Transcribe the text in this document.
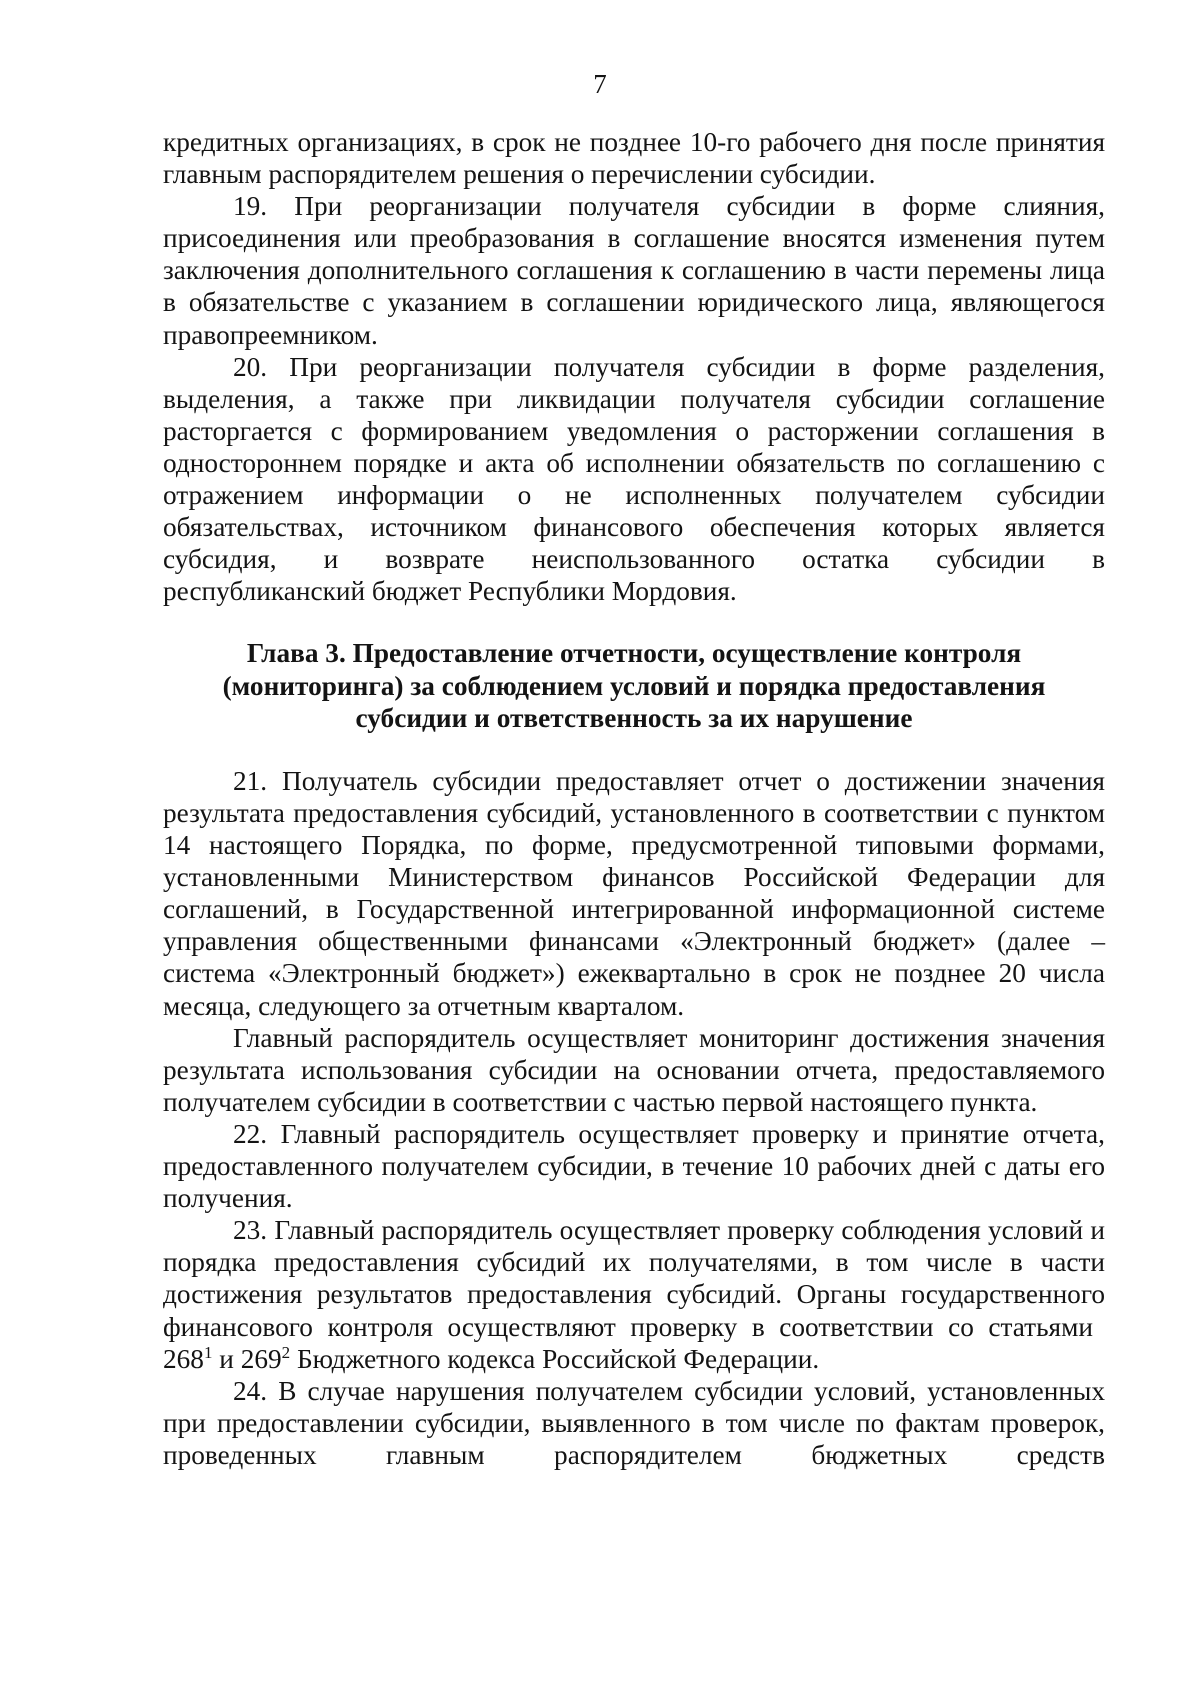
7

кредитных организациях, в срок не позднее 10-го рабочего дня после принятия главным распорядителем решения о перечислении субсидии.

19. При реорганизации получателя субсидии в форме слияния, присоединения или преобразования в соглашение вносятся изменения путем заключения дополнительного соглашения к соглашению в части перемены лица в обязательстве с указанием в соглашении юридического лица, являющегося правопреемником.

20. При реорганизации получателя субсидии в форме разделения, выделения, а также при ликвидации получателя субсидии соглашение расторгается с формированием уведомления о расторжении соглашения в одностороннем порядке и акта об исполнении обязательств по соглашению с отражением информации о не исполненных получателем субсидии обязательствах, источником финансового обеспечения которых является субсидия, и возврате неиспользованного остатка субсидии в

республиканский бюджет Республики Мордовия.

Глава 3. Предоставление отчетности, осуществление контроля
(мониторинга) за соблюдением условий и порядка предоставления
субсидии и ответственность за их нарушение

21. Получатель субсидии предоставляет отчет о достижении значения результата предоставления субсидий, установленного в соответствии с пунктом 14 настоящего Порядка, по форме, предусмотренной типовыми формами, установленными Министерством финансов Российской Федерации для соглашений, в Государственной интегрированной информационной системе управления общественными финансами «Электронный бюджет» (далее – система «Электронный бюджет») ежеквартально в срок не позднее 20 числа месяца, следующего за отчетным кварталом.

Главный распорядитель осуществляет мониторинг достижения значения результата использования субсидии на основании отчета, предоставляемого получателем субсидии в соответствии с частью первой настоящего пункта.

22. Главный распорядитель осуществляет проверку и принятие отчета, предоставленного получателем субсидии, в течение 10 рабочих дней с даты его получения.

23. Главный распорядитель осуществляет проверку соблюдения условий и порядка предоставления субсидий их получателями, в том числе в части достижения результатов предоставления субсидий. Органы государственного финансового контроля осуществляют проверку в соответствии со статьями $268^1$ и $269^2$ Бюджетного кодекса Российской Федерации.

24. В случае нарушения получателем субсидии условий, установленных при предоставлении субсидии, выявленного в том числе по фактам проверок, проведенных главным распорядителем бюджетных средств
